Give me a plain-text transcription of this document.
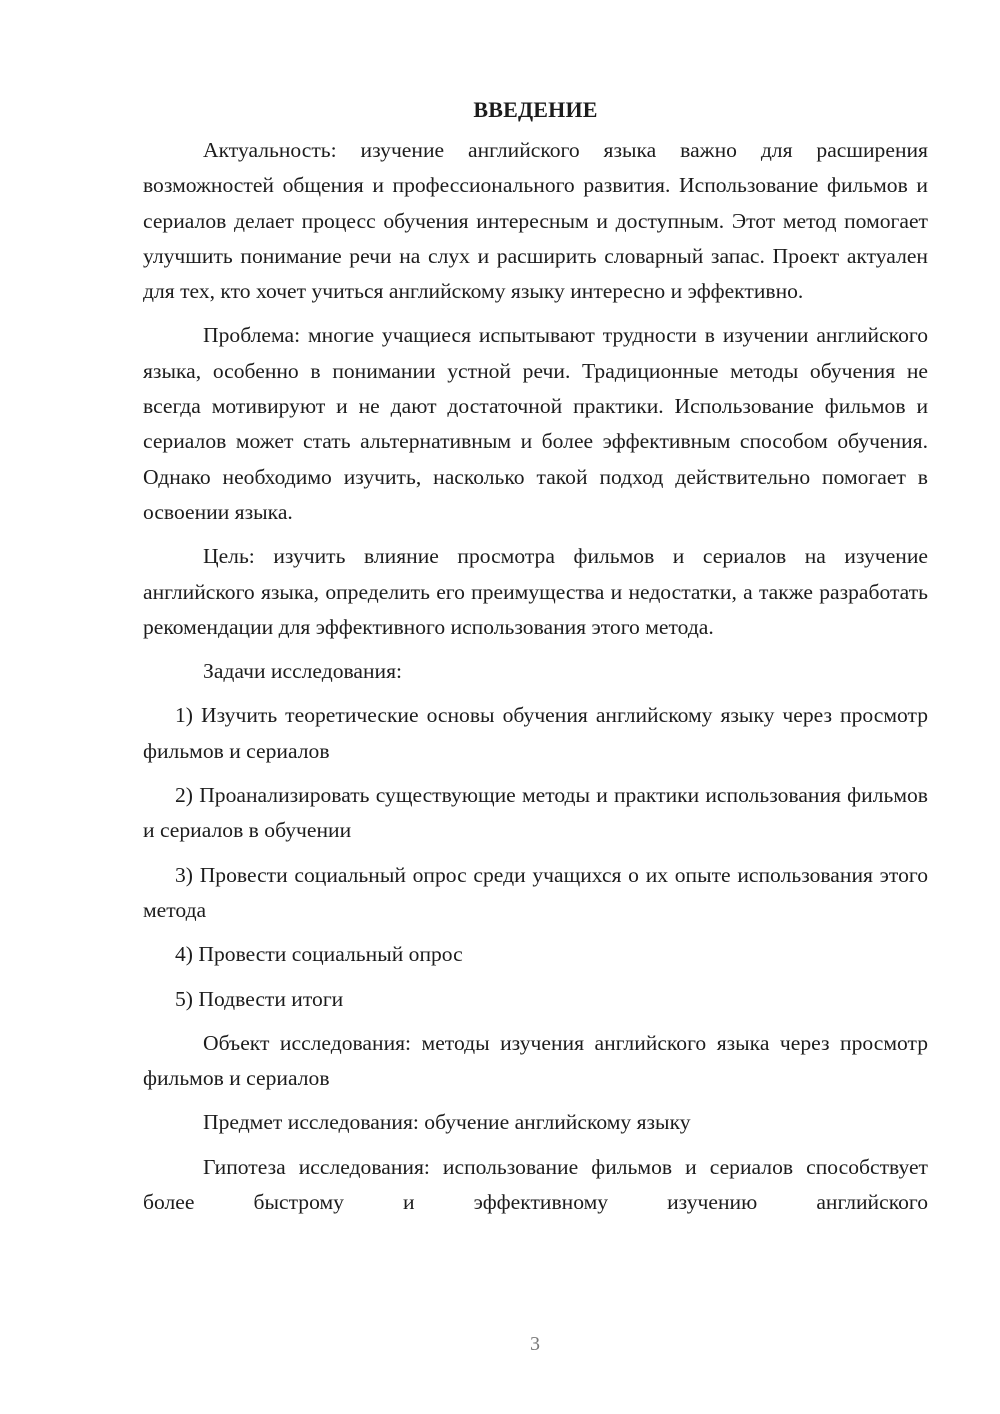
ВВЕДЕНИЕ

Актуальность: изучение английского языка важно для расширения возможностей общения и профессионального развития. Использование фильмов и сериалов делает процесс обучения интересным и доступным. Этот метод помогает улучшить понимание речи на слух и расширить словарный запас. Проект актуален для тех, кто хочет учиться английскому языку интересно и эффективно.

Проблема: многие учащиеся испытывают трудности в изучении английского языка, особенно в понимании устной речи. Традиционные методы обучения не всегда мотивируют и не дают достаточной практики. Использование фильмов и сериалов может стать альтернативным и более эффективным способом обучения. Однако необходимо изучить, насколько такой подход действительно помогает в освоении языка.

Цель: изучить влияние просмотра фильмов и сериалов на изучение английского языка, определить его преимущества и недостатки, а также разработать рекомендации для эффективного использования этого метода.

Задачи исследования:

1) Изучить теоретические основы обучения английскому языку через просмотр фильмов и сериалов

2) Проанализировать существующие методы и практики использования фильмов и сериалов в обучении

3) Провести социальный опрос среди учащихся о их опыте использования этого метода

4) Провести социальный опрос

5) Подвести итоги

Объект исследования: методы изучения английского языка через просмотр фильмов и сериалов

Предмет исследования: обучение английскому языку

Гипотеза исследования: использование фильмов и сериалов способствует более быстрому и эффективному изучению английского

3
